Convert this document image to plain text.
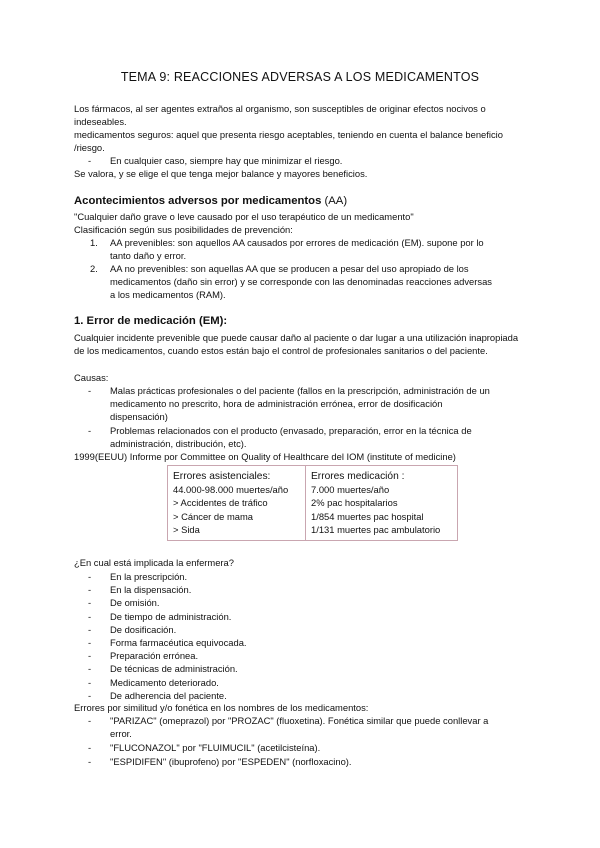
TEMA 9: REACCIONES ADVERSAS A LOS MEDICAMENTOS

Los fármacos, al ser agentes extraños al organismo, son susceptibles de originar efectos nocivos o indeseables.

medicamentos seguros: aquel que presenta riesgo aceptables, teniendo en cuenta el balance beneficio /riesgo.

- En cualquier caso, siempre hay que minimizar el riesgo.

Se valora, y se elige el que tenga mejor balance y mayores beneficios.

Acontecimientos adversos por medicamentos (AA)

"Cualquier daño grave o leve causado por el uso terapéutico de un medicamento"

Clasificación según sus posibilidades de prevención:

1. AA prevenibles: son aquellos AA causados por errores de medicación (EM). supone por lo
tanto daño y error.
2. AA no prevenibles: son aquellas AA que se producen a pesar del uso apropiado de los
medicamentos (daño sin error) y se corresponde con las denominadas reacciones adversas
a los medicamentos (RAM).
1. Error de medicación (EM):

Cualquier incidente prevenible que puede causar daño al paciente o dar lugar a una utilización inapropiada de los medicamentos, cuando estos están bajo el control de profesionales sanitarios o del paciente.

Causas:

- Malas prácticas profesionales o del paciente (fallos en la prescripción, administración de un
medicamento no prescrito, hora de administración errónea, error de dosificación
dispensación)
- Problemas relacionados con el producto (envasado, preparación, error en la técnica de
administración, distribución, etc).

1999(EEUU) Informe por Committee on Quality of Healthcare del IOM (institute of medicine)

Errores asistenciales:
44.000-98.000 muertes/año
> Accidentes de tráfico
> Cáncer de mama
> Sida
Errores medicación :
7.000 muertes/año
2% pac hospitalarios
1/854 muertes pac hospital
1/131 muertes pac ambulatorio

¿En cual está implicada la enfermera?

- En la prescripción.
- En la dispensación.
- De omisión.
- De tiempo de administración.
- De dosificación.
- Forma farmacéutica equivocada.
- Preparación errónea.
- De técnicas de administración.
- Medicamento deteriorado.
- De adherencia del paciente.

Errores por similitud y/o fonética en los nombres de los medicamentos:

- "PARIZAC" (omeprazol) por "PROZAC" (fluoxetina). Fonética similar que puede conllevar a
error.
- "FLUCONAZOL" por "FLUIMUCIL" (acetilcisteína).
- "ESPIDIFEN" (ibuprofeno) por "ESPEDEN" (norfloxacino).
